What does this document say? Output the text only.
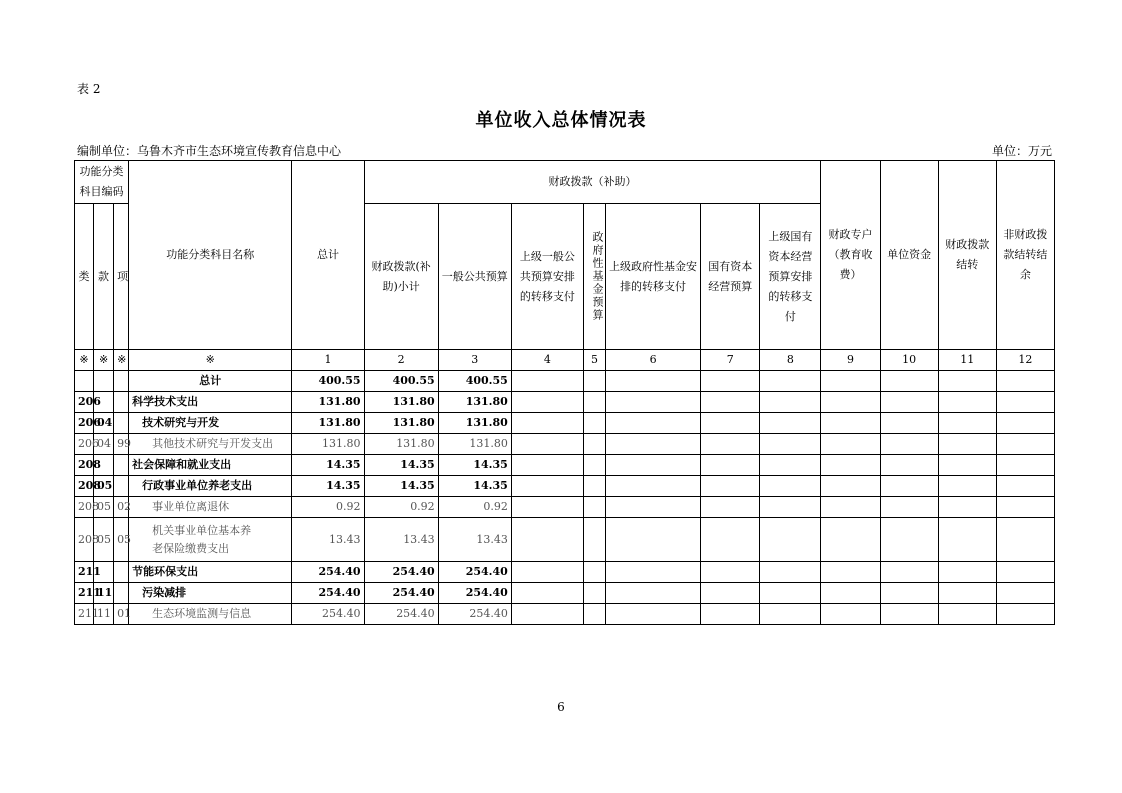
表 2
单位收入总体情况表
编制单位：乌鲁木齐市生态环境宣传教育信息中心	单位：万元
功能分类科目编码			功能分类科目名称	总计	财政拨款（补助）							财政专户（教育收费）	单位资金	财政拨款结转	非财政拨款结转结余
类	款	项			财政拨款(补助)小计	一般公共预算	上级一般公共预算安排的转移支付	政府性基金预算	上级政府性基金安排的转移支付	国有资本经营预算	上级国有资本经营预算安排的转移支付				
※	※	※	※	1	2	3	4	5	6	7	8	9	10	11	12
			总计	400.55	400.55	400.55									
206			科学技术支出	131.80	131.80	131.80									
206	04		技术研究与开发	131.80	131.80	131.80									
206	04	99	其他技术研究与开发支出	131.80	131.80	131.80									
208			社会保障和就业支出	14.35	14.35	14.35									
208	05		行政事业单位养老支出	14.35	14.35	14.35									
208	05	02	事业单位离退休	0.92	0.92	0.92									
208	05	05	机关事业单位基本养老保险缴费支出	13.43	13.43	13.43									
211			节能环保支出	254.40	254.40	254.40									
211	11		污染减排	254.40	254.40	254.40									
211	11	01	生态环境监测与信息	254.40	254.40	254.40									
6
